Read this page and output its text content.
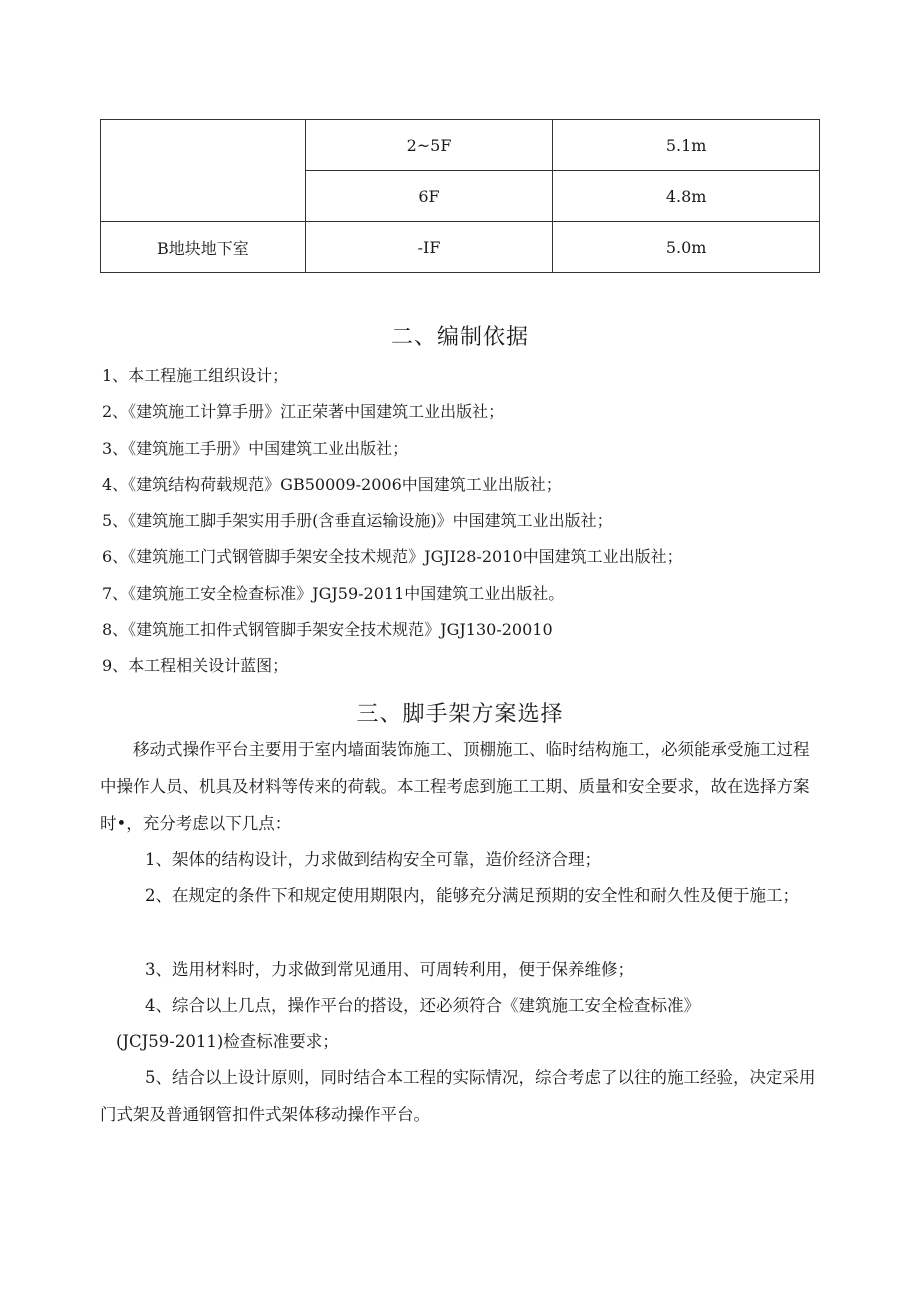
	2~5F	5.1m
	6F	4.8m
B地块地下室	-IF	5.0m
二、编制依据
1、本工程施工组织设计；
2、《建筑施工计算手册》江正荣著中国建筑工业出版社；
3、《建筑施工手册》中国建筑工业出版社；
4、《建筑结构荷载规范》GB50009-2006中国建筑工业出版社；
5、《建筑施工脚手架实用手册(含垂直运输设施)》中国建筑工业出版社；
6、《建筑施工门式钢管脚手架安全技术规范》JGJI28-2010中国建筑工业出版社；
7、《建筑施工安全检查标准》JGJ59-2011中国建筑工业出版社。
8、《建筑施工扣件式钢管脚手架安全技术规范》JGJ130-20010
9、本工程相关设计蓝图；
三、脚手架方案选择

移动式操作平台主要用于室内墙面装饰施工、顶棚施工、临时结构施工，必须能承受施工过程中操作人员、机具及材料等传来的荷载。本工程考虑到施工工期、质量和安全要求，故在选择方案时•，充分考虑以下几点：

1、架体的结构设计，力求做到结构安全可靠，造价经济合理；

2、在规定的条件下和规定使用期限内，能够充分满足预期的安全性和耐久性及便于施工；

3、选用材料时，力求做到常见通用、可周转利用，便于保养维修；

4、综合以上几点，操作平台的搭设，还必须符合《建筑施工安全检查标准》

(JCJ59-2011)检查标准要求；

5、结合以上设计原则，同时结合本工程的实际情况，综合考虑了以往的施工经验，决定采用门式架及普通钢管扣件式架体移动操作平台。
